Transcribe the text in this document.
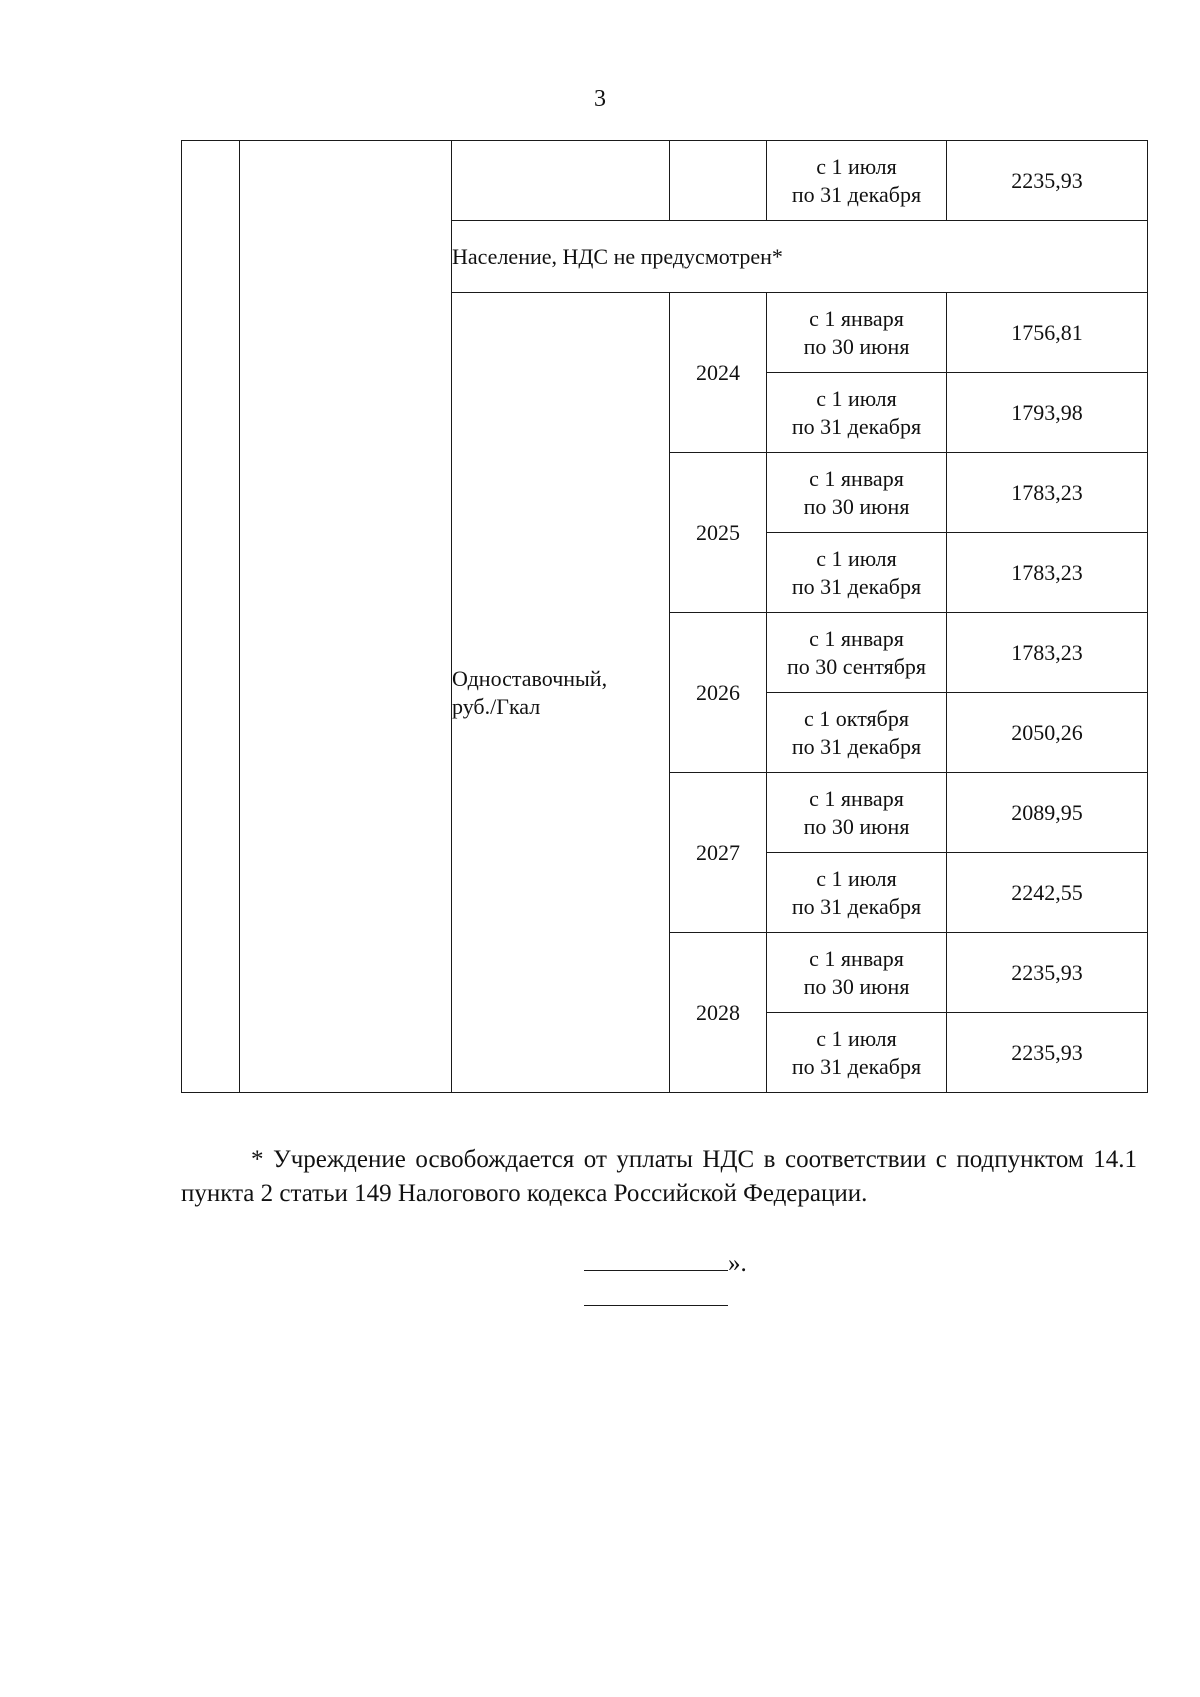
3

				с 1 июля
по 31 декабря	2235,93
		Население, НДС не предусмотрен*			

		Одноставочный,
руб./Гкал	2024	с 1 января
по 30 июня	1756,81

				с 1 июля
по 31 декабря	1793,98
			2025	с 1 января
по 30 июня	1783,23

				с 1 июля
по 31 декабря	1783,23
			2026	с 1 января
по 30 сентября	1783,23

				с 1 октября
по 31 декабря	2050,26
			2027	с 1 января
по 30 июня	2089,95

				с 1 июля
по 31 декабря	2242,55
			2028	с 1 января
по 30 июня	2235,93

				с 1 июля
по 31 декабря	2235,93

* Учреждение освобождается от уплаты НДС в соответствии с подпунктом 14.1 пункта 2 статьи 149 Налогового кодекса Российской Федерации.

».
